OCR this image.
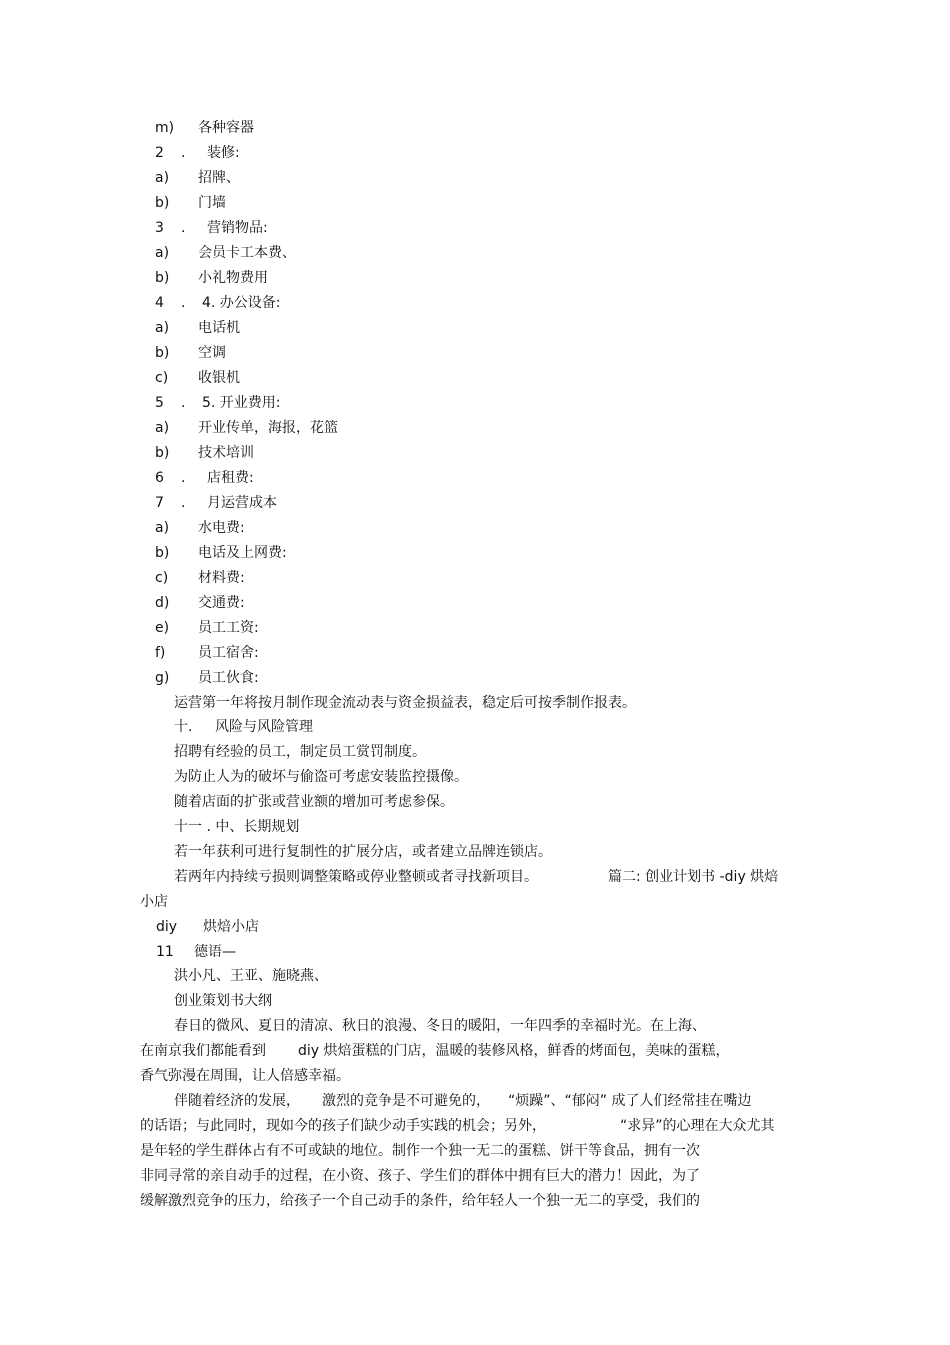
m) 各种容器
2 . 装修:
a) 招牌、
b) 门墙
3 . 营销物品:
a) 会员卡工本费、
b) 小礼物费用
4 . 4. 办公设备:
a) 电话机
b) 空调
c) 收银机
5 . 5. 开业费用:
a) 开业传单，海报，花篮
b) 技术培训
6 . 店租费:
7 . 月运营成本
a) 水电费:
b) 电话及上网费:
c) 材料费:
d) 交通费:
e) 员工工资:
f) 员工宿舍:
g) 员工伙食:
运营第一年将按月制作现金流动表与资金损益表，稳定后可按季制作报表。
十. 风险与风险管理
招聘有经验的员工，制定员工赏罚制度。
为防止人为的破坏与偷盗可考虑安装监控摄像。
随着店面的扩张或营业额的增加可考虑参保。
十一 . 中、长期规划
若一年获利可进行复制性的扩展分店，或者建立品牌连锁店。
若两年内持续亏损则调整策略或停业整顿或者寻找新项目。	篇二: 创业计划书 -diy 烘焙
小店
diy 烘焙小店
11 德语—
洪小凡、王亚、施晓燕、
创业策划书大纲
春日的微风、夏日的清凉、秋日的浪漫、冬日的暖阳，一年四季的幸福时光。在上海、
在南京我们都能看到 diy 烘焙蛋糕的门店，温暖的装修风格，鲜香的烤面包，美味的蛋糕，
香气弥漫在周围，让人倍感幸福。
伴随着经济的发展， 激烈的竞争是不可避免的， “烦躁”、“郁闷” 成了人们经常挂在嘴边
的话语；与此同时，现如今的孩子们缺少动手实践的机会；另外，	“求异”的心理在大众尤其
是年轻的学生群体占有不可或缺的地位。制作一个独一无二的蛋糕、饼干等食品，拥有一次
非同寻常的亲自动手的过程，在小资、孩子、学生们的群体中拥有巨大的潜力！因此，为了
缓解激烈竞争的压力，给孩子一个自己动手的条件，给年轻人一个独一无二的享受，我们的
